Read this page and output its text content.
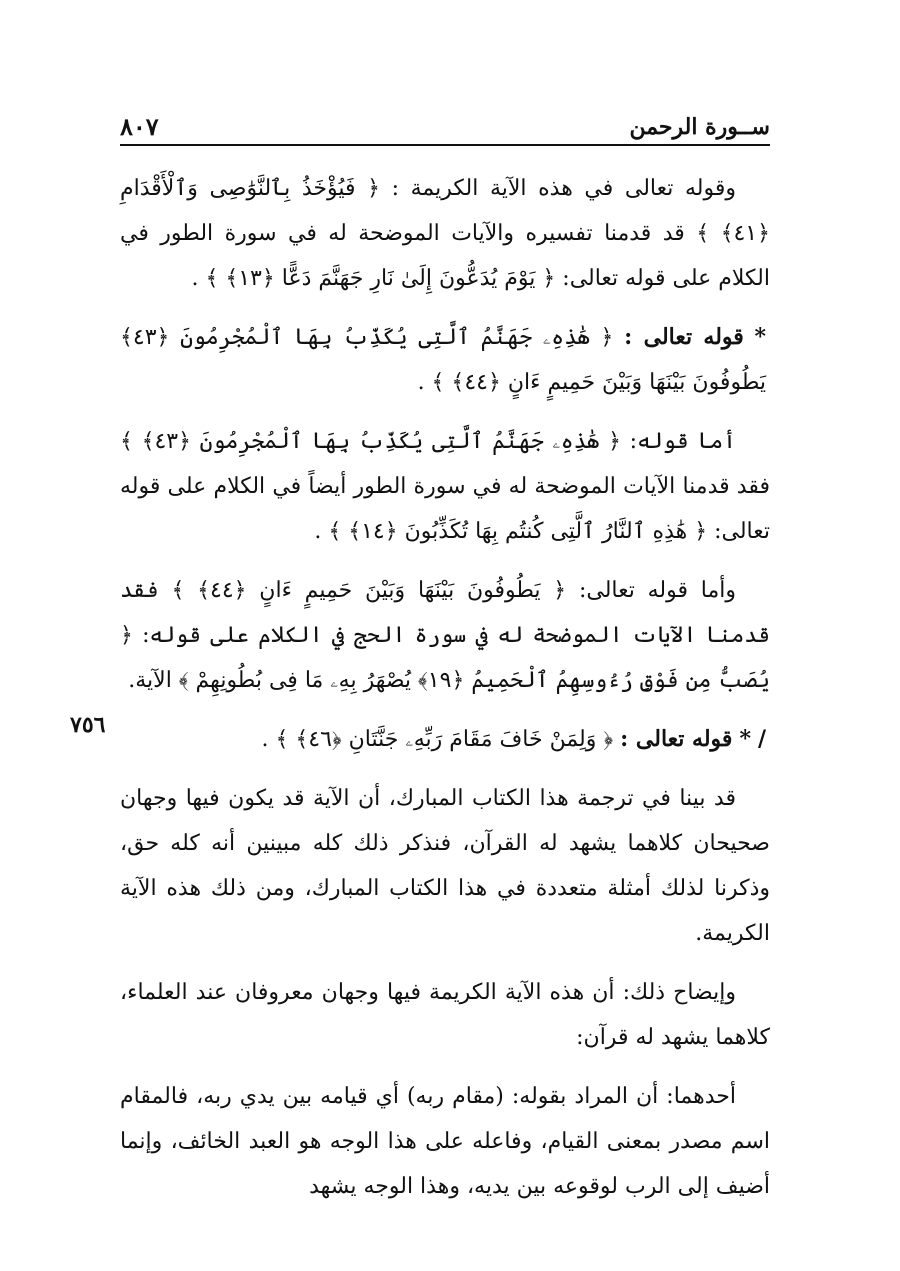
ســورة الرحمن
٨٠٧
٧٥٦

وقوله تعالى في هذه الآية الكريمة : ﴿ فَيُؤْخَذُ بِٱلنَّوَٰصِى وَٱلْأَقْدَامِ ﴿٤١﴾ ﴾ قد قدمنا تفسيره والآيات الموضحة له في سورة الطور في الكلام على قوله تعالى: ﴿ يَوْمَ يُدَعُّونَ إِلَىٰ نَارِ جَهَنَّمَ دَعًّا ﴿١٣﴾ ﴾ .

* قوله تعالى : ﴿ هَٰذِهِۦ جَهَنَّمُ ٱلَّتِى يُكَذِّبُ بِهَا ٱلْمُجْرِمُونَ ﴿٤٣﴾ يَطُوفُونَ بَيْنَهَا وَبَيْنَ حَمِيمٍ ءَانٍ ﴿٤٤﴾ ﴾ .

أما قوله: ﴿ هَٰذِهِۦ جَهَنَّمُ ٱلَّتِى يُكَذِّبُ بِهَا ٱلْمُجْرِمُونَ ﴿٤٣﴾ ﴾ فقد قدمنا الآيات الموضحة له في سورة الطور أيضاً في الكلام على قوله تعالى: ﴿ هَٰذِهِ ٱلنَّارُ ٱلَّتِى كُنتُم بِهَا تُكَذِّبُونَ ﴿١٤﴾ ﴾ .

وأما قوله تعالى: ﴿ يَطُوفُونَ بَيْنَهَا وَبَيْنَ حَمِيمٍ ءَانٍ ﴿٤٤﴾ ﴾ فقد قدمنا الآيات الموضحة له في سورة الحج في الكلام على قوله: ﴿ يُصَبُّ مِن فَوْقِ رُءُوسِهِمُ ٱلْحَمِيمُ ﴿١٩﴾ يُصْهَرُ بِهِۦ مَا فِى بُطُونِهِمْ ﴾ الآية.

/ * قوله تعالى : ﴿ وَلِمَنْ خَافَ مَقَامَ رَبِّهِۦ جَنَّتَانِ ﴿٤٦﴾ ﴾ .

قد بينا في ترجمة هذا الكتاب المبارك، أن الآية قد يكون فيها وجهان صحيحان كلاهما يشهد له القرآن، فنذكر ذلك كله مبينين أنه كله حق، وذكرنا لذلك أمثلة متعددة في هذا الكتاب المبارك، ومن ذلك هذه الآية الكريمة.

وإيضاح ذلك: أن هذه الآية الكريمة فيها وجهان معروفان عند العلماء، كلاهما يشهد له قرآن:

أحدهما: أن المراد بقوله: (مقام ربه) أي قيامه بين يدي ربه، فالمقام اسم مصدر بمعنى القيام، وفاعله على هذا الوجه هو العبد الخائف، وإنما أضيف إلى الرب لوقوعه بين يديه، وهذا الوجه يشهد
